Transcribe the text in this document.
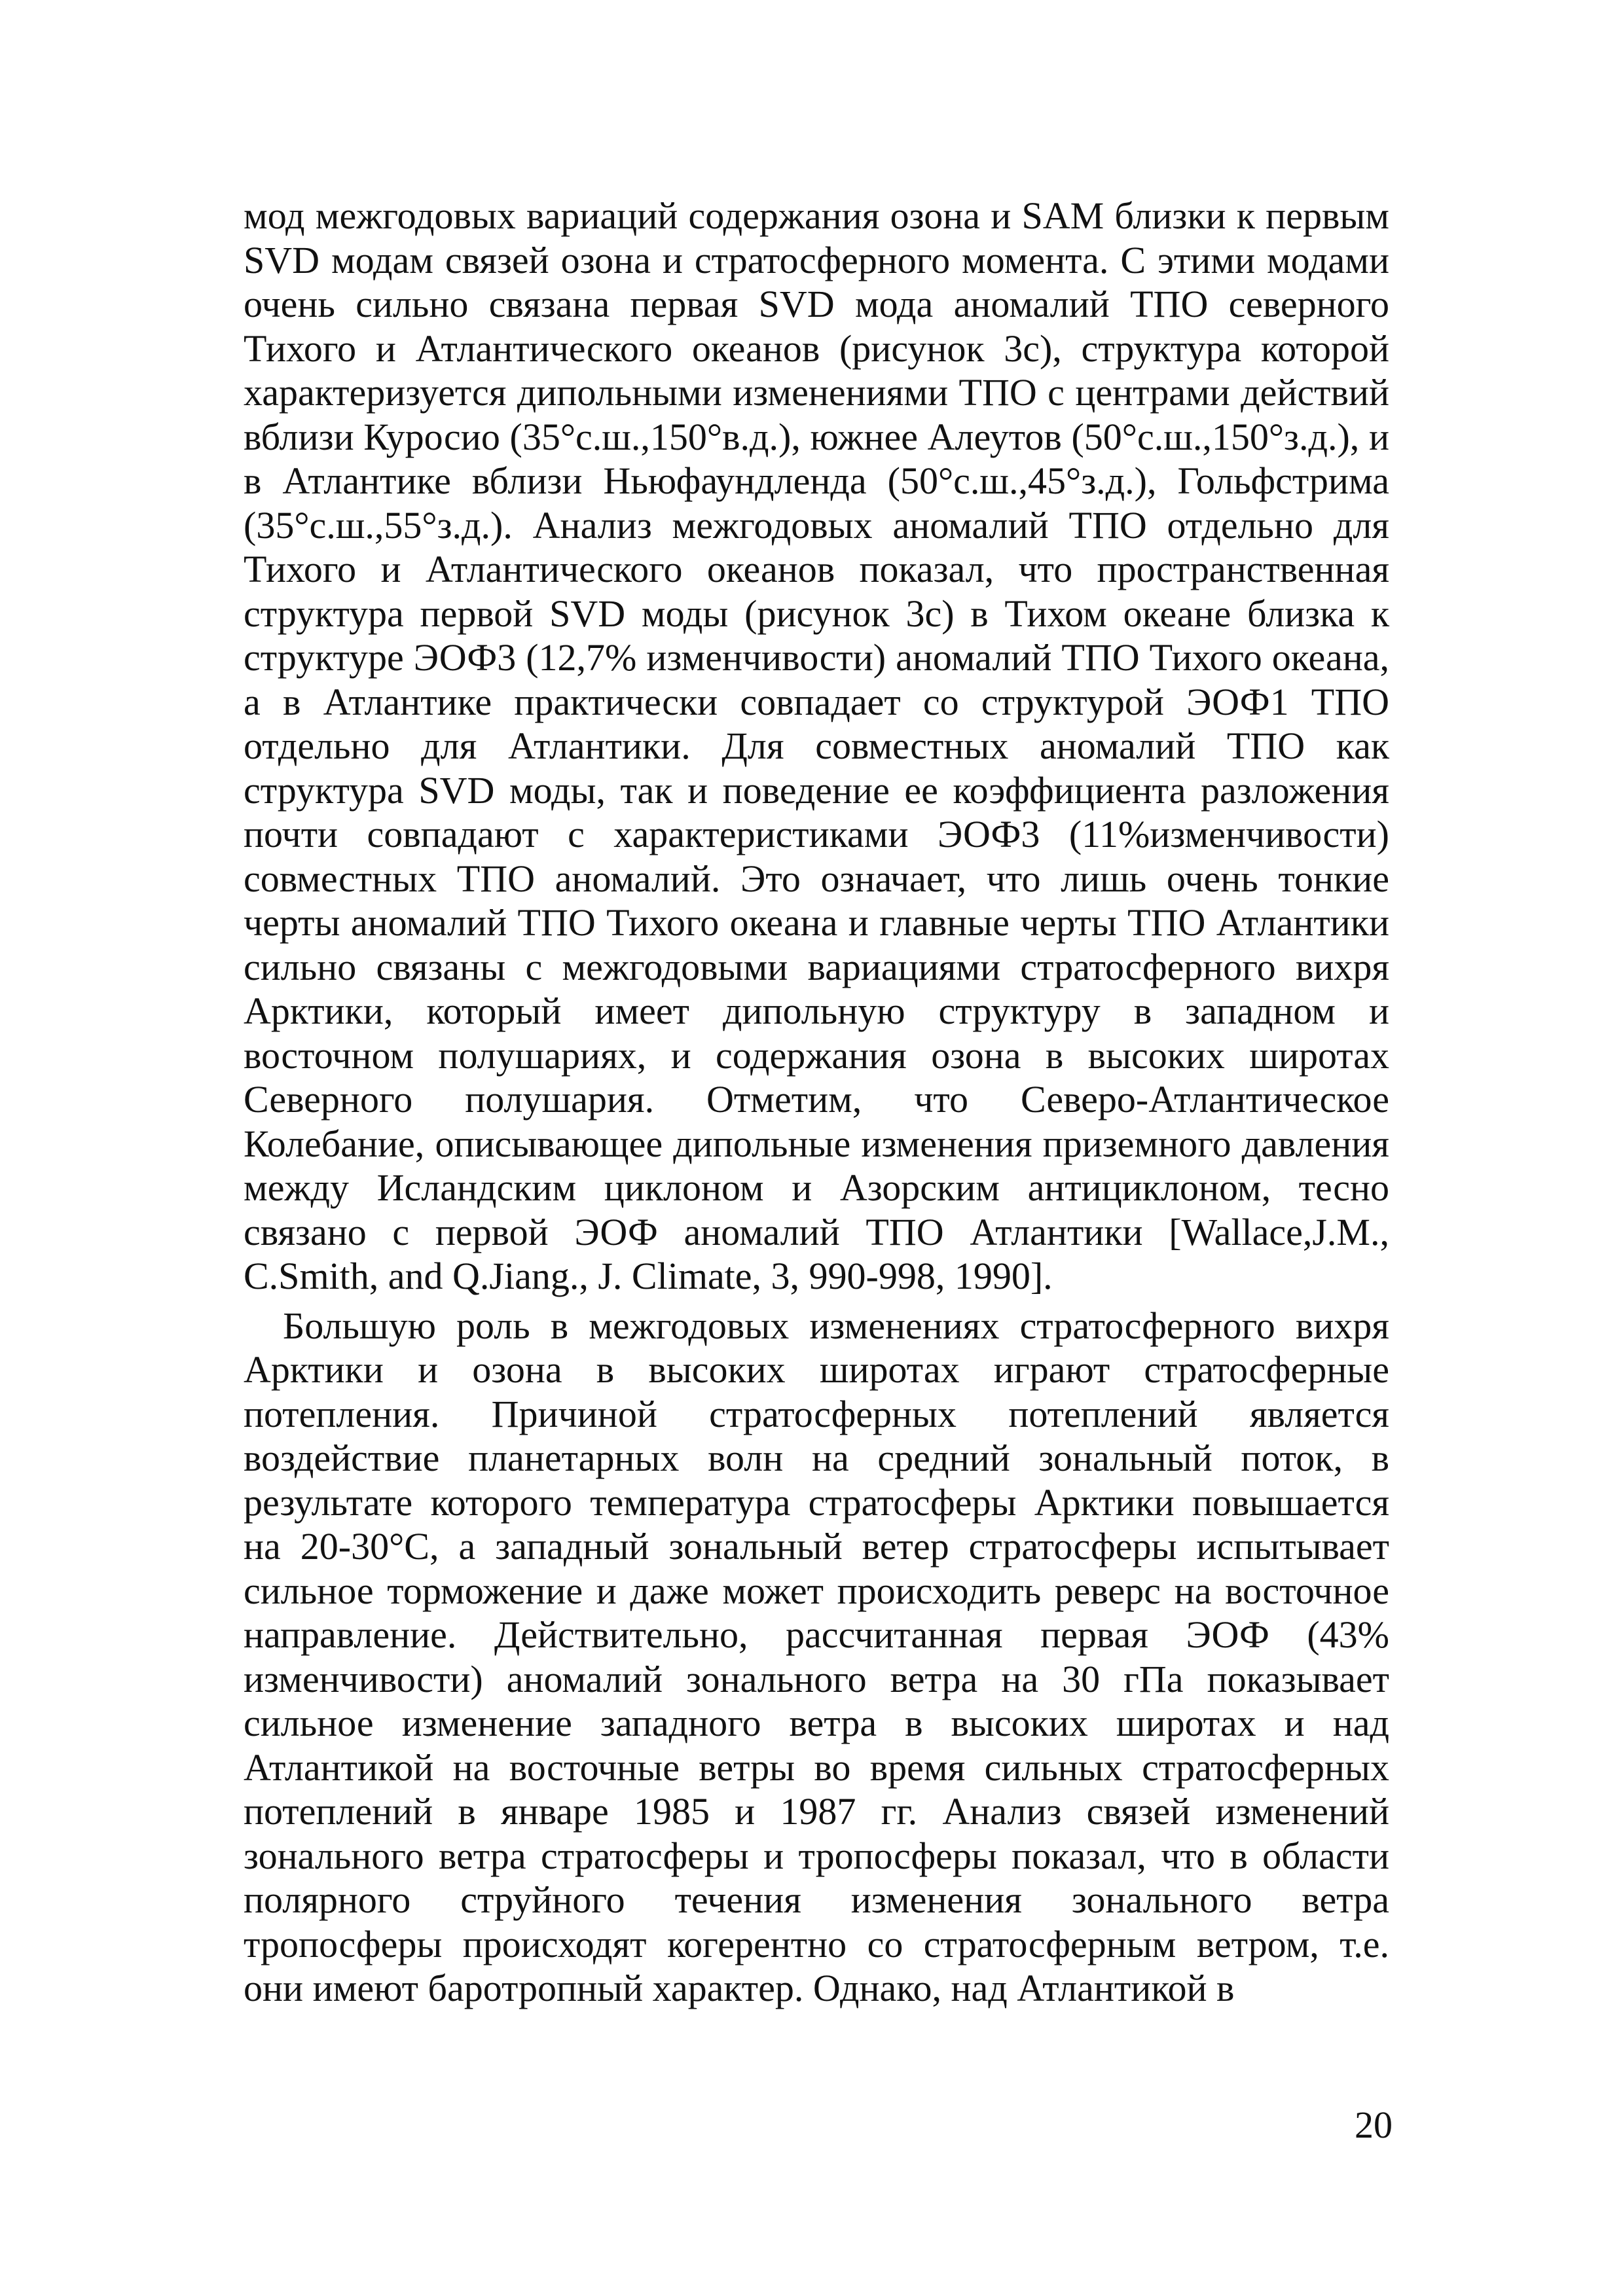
мод межгодовых вариаций содержания озона и SAM близки к первым SVD модам связей озона и стратосферного момента. С этими модами очень сильно связана первая SVD мода аномалий ТПО северного Тихого и Атлантического океанов (рисунок 3с), структура которой характеризуется дипольными изменениями ТПО с центрами действий вблизи Куросио (35°с.ш.,150°в.д.), южнее Алеутов (50°с.ш.,150°з.д.), и в Атлантике вблизи Ньюфаундленда (50°с.ш.,45°з.д.), Гольфстрима (35°с.ш.,55°з.д.). Анализ межгодовых аномалий ТПО отдельно для Тихого и Атлантического океанов показал, что пространственная структура первой SVD моды (рисунок 3с) в Тихом океане близка к структуре ЭОФ3 (12,7% изменчивости) аномалий ТПО Тихого океана, а в Атлантике практически совпадает со структурой ЭОФ1 ТПО отдельно для Атлантики. Для совместных аномалий ТПО как структура SVD моды, так и поведение ее коэффициента разложения почти совпадают с характеристиками ЭОФ3 (11%изменчивости) совместных ТПО аномалий. Это означает, что лишь очень тонкие черты аномалий ТПО Тихого океана и главные черты ТПО Атлантики сильно связаны с межгодовыми вариациями стратосферного вихря Арктики, который имеет дипольную структуру в западном и восточном полушариях, и содержания озона в высоких широтах Северного полушария. Отметим, что Северо-Атлантическое Колебание, описывающее дипольные изменения приземного давления между Исландским циклоном и Азорским антициклоном, тесно связано с первой ЭОФ аномалий ТПО Атлантики [Wallace,J.M., C.Smith, and Q.Jiang., J. Climate, 3, 990-998, 1990].

Большую роль в межгодовых изменениях стратосферного вихря Арктики и озона в высоких широтах играют стратосферные потепления. Причиной стратосферных потеплений является воздействие планетарных волн на средний зональный поток, в результате которого температура стратосферы Арктики повышается на 20-30°С, а западный зональный ветер стратосферы испытывает сильное торможение и даже может происходить реверс на восточное направление. Действительно, рассчитанная первая ЭОФ (43% изменчивости) аномалий зонального ветра на 30 гПа показывает сильное изменение западного ветра в высоких широтах и над Атлантикой на восточные ветры во время сильных стратосферных потеплений в январе 1985 и 1987 гг. Анализ связей изменений зонального ветра стратосферы и тропосферы показал, что в области полярного струйного течения изменения зонального ветра тропосферы происходят когерентно со стратосферным ветром, т.е. они имеют баротропный характер. Однако, над Атлантикой в

20
